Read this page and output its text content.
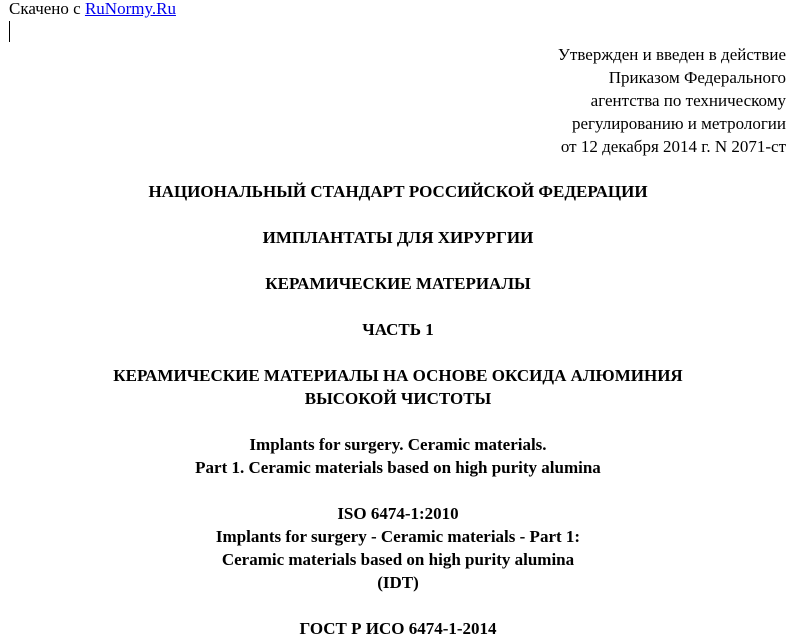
Скачено с RuNormy.Ru
Утвержден и введен в действие
Приказом Федерального
агентства по техническому
регулированию и метрологии
от 12 декабря 2014 г. N 2071-ст
НАЦИОНАЛЬНЫЙ СТАНДАРТ РОССИЙСКОЙ ФЕДЕРАЦИИ
ИМПЛАНТАТЫ ДЛЯ ХИРУРГИИ
КЕРАМИЧЕСКИЕ МАТЕРИАЛЫ
ЧАСТЬ 1
КЕРАМИЧЕСКИЕ МАТЕРИАЛЫ НА ОСНОВЕ ОКСИДА АЛЮМИНИЯ
ВЫСОКОЙ ЧИСТОТЫ
Implants for surgery. Ceramic materials.
Part 1. Ceramic materials based on high purity alumina
ISO 6474-1:2010
Implants for surgery - Ceramic materials - Part 1:
Ceramic materials based on high purity alumina
(IDT)
ГОСТ Р ИСО 6474-1-2014
